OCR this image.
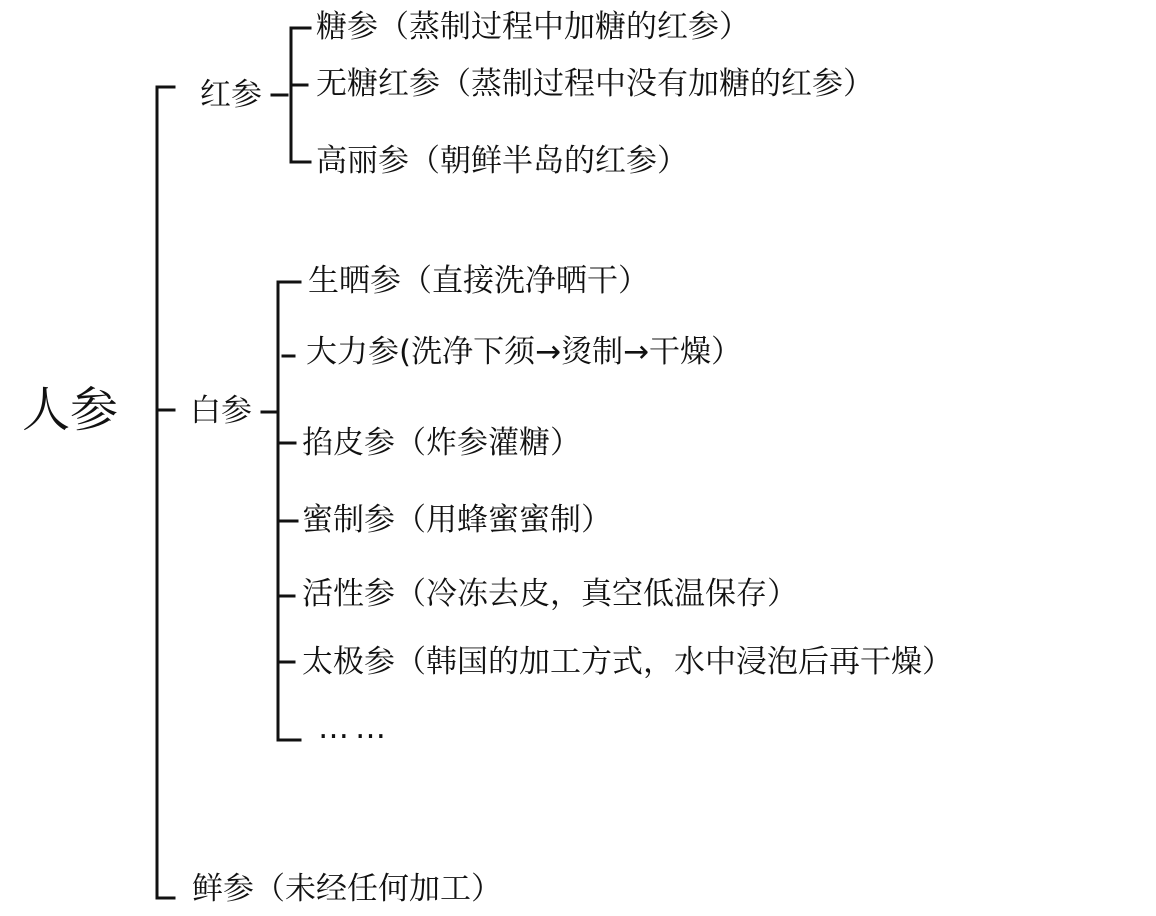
人参
红参
糖参（蒸制过程中加糖的红参）
无糖红参（蒸制过程中没有加糖的红参）
高丽参（朝鲜半岛的红参）
白参
生晒参（直接洗净晒干）
大力参(洗净下须→烫制→干燥）
掐皮参（炸参灌糖）
蜜制参（用蜂蜜蜜制）
活性参（冷冻去皮，真空低温保存）
太极参（韩国的加工方式，水中浸泡后再干燥）
……
鲜参（未经任何加工）
